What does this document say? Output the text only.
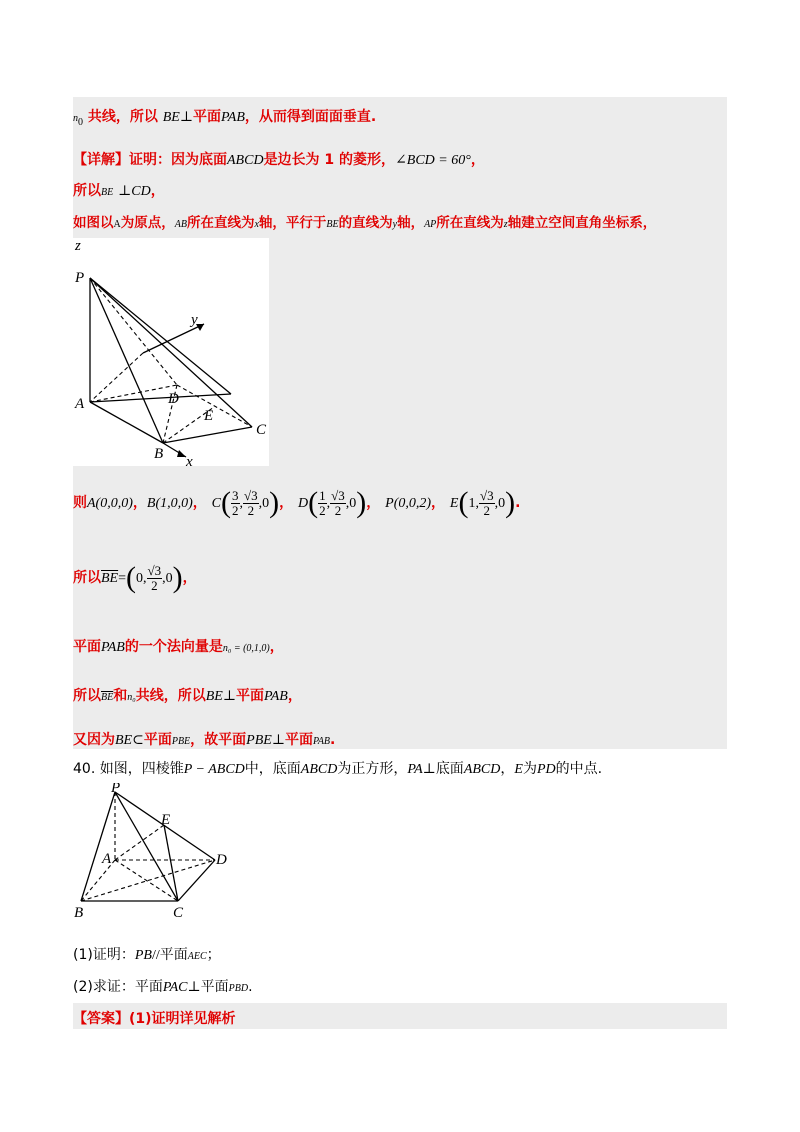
$n_0$ 共线，所以 BE⊥平面PAB，从而得到面面垂直.
【详解】证明：因为底面ABCD是边长为 1 的菱形，∠BCD = 60°，
所以BE ⊥CD，
如图以A为原点，AB所在直线为x轴，平行于BE的直线为y轴，AP所在直线为z轴建立空间直角坐标系，
z
P
y
A	D
E
C
B x
则A(0,0,0)，B(1,0,0)， $C( \frac{3}{2}$ , $\frac{√3}{2} ,0$)， $D( \frac{1}{2}$ , $\frac{√3}{2} ,0$)， P(0,0,2)， E(1, $\frac{√3}{2} ,0$).
所以$\overline{BE}=(0$, $\frac{√3}{2} ,0$)，
平面PAB的一个法向量是n₀ = (0,1,0)，
所以$\overline{BE}$和n₀共线，所以BE⊥平面PAB，
又因为BE⊂平面PBE，故平面PBE⊥平面PAB.
40. 如图，四棱锥P − ABCD中，底面ABCD为正方形，PA⊥底面ABCD，E为PD的中点.
P
E
A	D
B	C
(1)证明：PB//平面AEC；
(2)求证：平面PAC⊥平面PBD.
【答案】(1)证明详见解析
